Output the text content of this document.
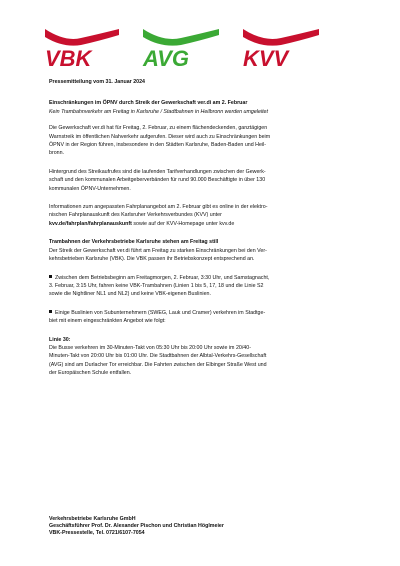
VBK AVG KVV
Pressemitteilung vom 31. Januar 2024
Einschränkungen im ÖPNV durch Streik der Gewerkschaft ver.di am 2. Februar
Kein Trambahnverkehr am Freitag in Karlsruhe / Stadtbahnen in Heilbronn werden umgeleitet
Die Gewerkschaft ver.di hat für Freitag, 2. Februar, zu einem flächendeckenden, ganztägigen
Warnstreik im öffentlichen Nahverkehr aufgerufen. Dieser wird auch zu Einschränkungen beim
ÖPNV in der Region führen, insbesondere in den Städten Karlsruhe, Baden-Baden und Heil-
bronn.
Hintergrund des Streikaufrufes sind die laufenden Tarifverhandlungen zwischen der Gewerk-
schaft und den kommunalen Arbeitgeberverbänden für rund 90.000 Beschäftigte in über 130
kommunalen ÖPNV-Unternehmen.
Informationen zum angepassten Fahrplanangebot am 2. Februar gibt es online in der elektro-
nischen Fahrplanauskunft des Karlsruher Verkehrsverbundes (KVV) unter
kvv.de/fahrplan/fahrplanauskunft sowie auf der KVV-Homepage unter kvv.de
Trambahnen der Verkehrsbetriebe Karlsruhe stehen am Freitag still
Der Streik der Gewerkschaft ver.di führt am Freitag zu starken Einschränkungen bei den Ver-
kehrsbetrieben Karlsruhe (VBK). Die VBK passen ihr Betriebskonzept entsprechend an.
Zwischen dem Betriebsbeginn am Freitagmorgen, 2. Februar, 3:30 Uhr, und Samstagnacht,
3. Februar, 3:15 Uhr, fahren keine VBK-Trambahnen (Linien 1 bis 5, 17, 18 und die Linie S2
sowie die Nightliner NL1 und NL2) und keine VBK-eigenen Buslinien.
Einige Buslinien von Subunternehmern (SWEG, Lauk und Cramer) verkehren im Stadtge-
biet mit einem eingeschränkten Angebot wie folgt:
Linie 30:
Die Busse verkehren im 30-Minuten-Takt von 05:30 Uhr bis 20:00 Uhr sowie im 20/40-
Minuten-Takt von 20:00 Uhr bis 01:00 Uhr. Die Stadtbahnen der Albtal-Verkehrs-Gesellschaft
(AVG) sind am Durlacher Tor erreichbar. Die Fahrten zwischen der Elbinger Straße West und
der Europäischen Schule entfallen.
Verkehrsbetriebe Karlsruhe GmbH
Geschäftsführer Prof. Dr. Alexander Pischon und Christian Höglmeier
VBK-Pressestelle, Tel. 0721/6107-7054
